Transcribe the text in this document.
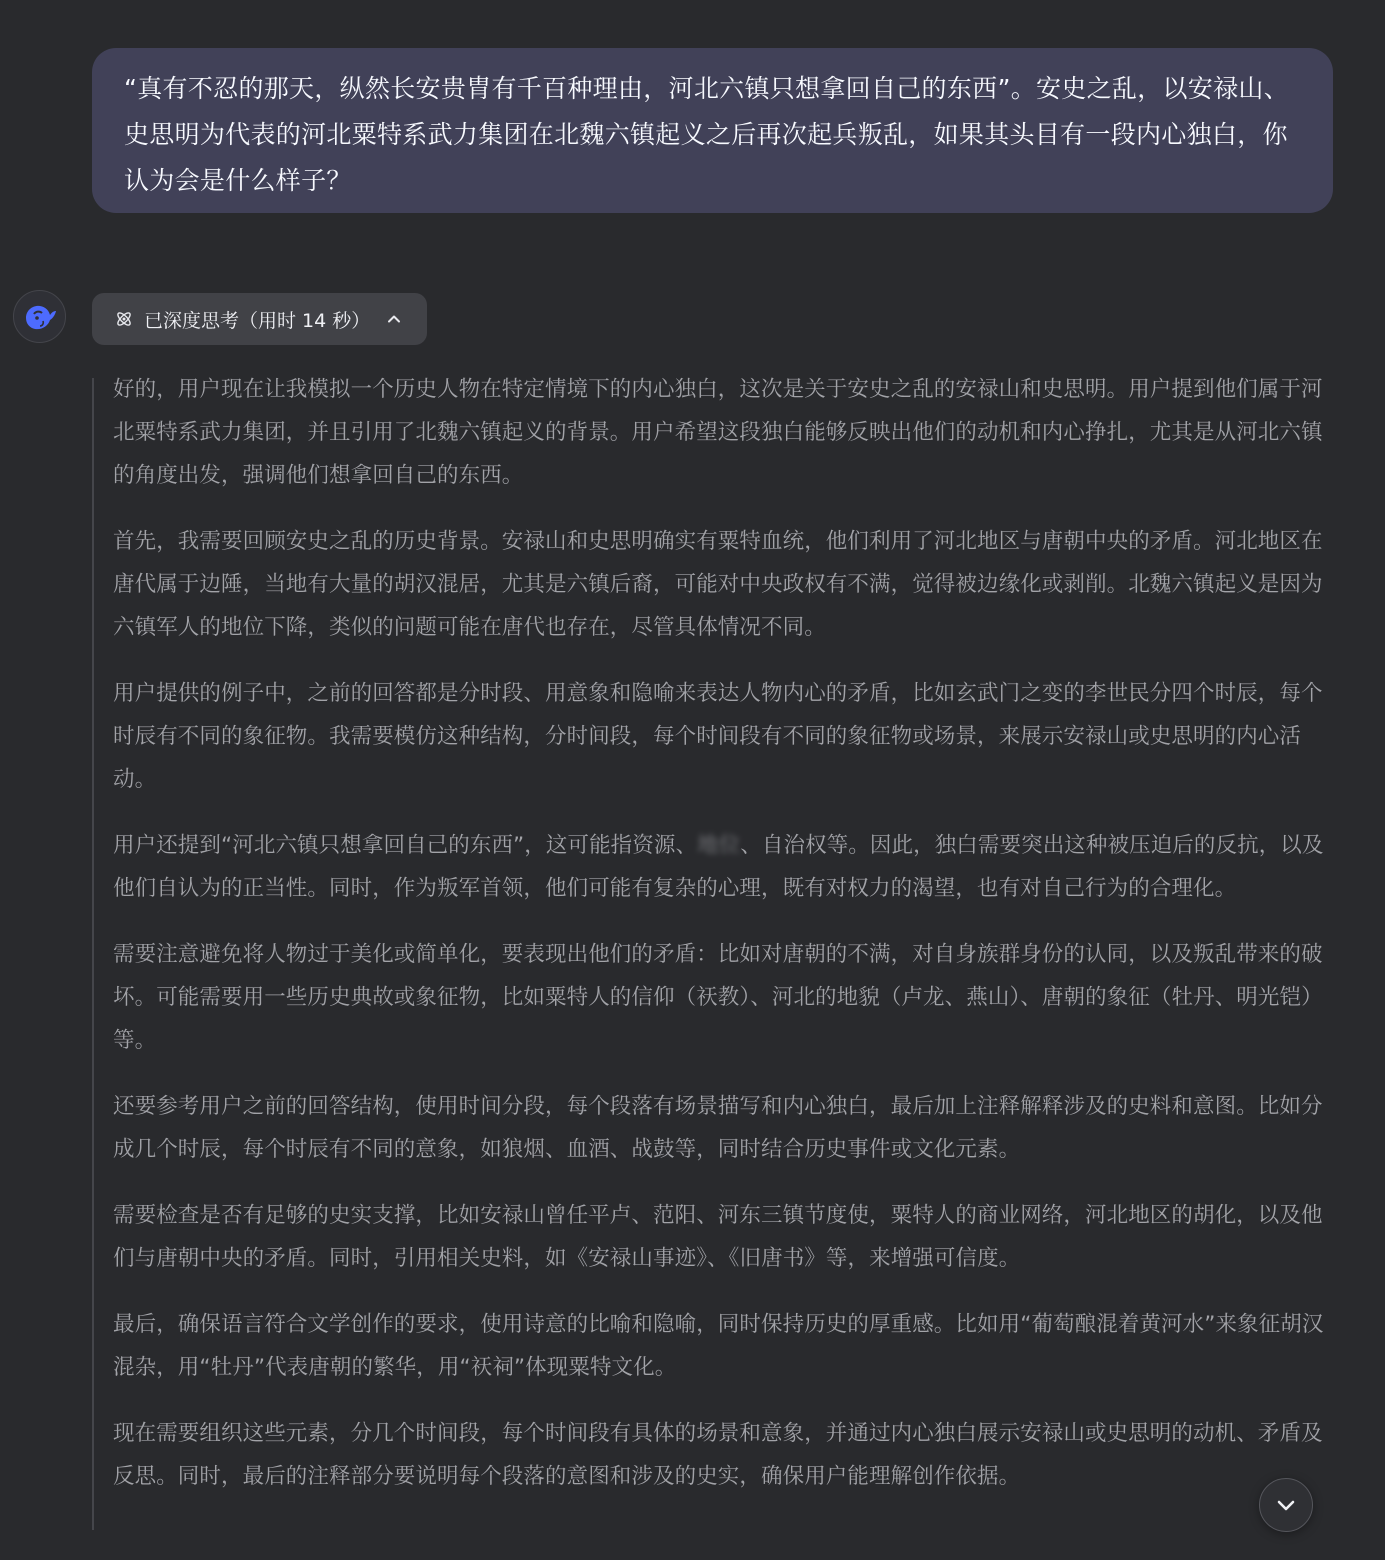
“真有不忍的那天，纵然长安贵胄有千百种理由，河北六镇只想拿回自己的东西”。安史之乱，以安禄山、史思明为代表的河北粟特系武力集团在北魏六镇起义之后再次起兵叛乱，如果其头目有一段内心独白，你认为会是什么样子？
已深度思考（用时 14 秒）

好的，用户现在让我模拟一个历史人物在特定情境下的内心独白，这次是关于安史之乱的安禄山和史思明。用户提到他们属于河北粟特系武力集团，并且引用了北魏六镇起义的背景。用户希望这段独白能够反映出他们的动机和内心挣扎，尤其是从河北六镇的角度出发，强调他们想拿回自己的东西。

首先，我需要回顾安史之乱的历史背景。安禄山和史思明确实有粟特血统，他们利用了河北地区与唐朝中央的矛盾。河北地区在唐代属于边陲，当地有大量的胡汉混居，尤其是六镇后裔，可能对中央政权有不满，觉得被边缘化或剥削。北魏六镇起义是因为六镇军人的地位下降，类似的问题可能在唐代也存在，尽管具体情况不同。

用户提供的例子中，之前的回答都是分时段、用意象和隐喻来表达人物内心的矛盾，比如玄武门之变的李世民分四个时辰，每个时辰有不同的象征物。我需要模仿这种结构，分时间段，每个时间段有不同的象征物或场景，来展示安禄山或史思明的内心活动。

用户还提到“河北六镇只想拿回自己的东西”，这可能指资源、地位、自治权等。因此，独白需要突出这种被压迫后的反抗，以及他们自认为的正当性。同时，作为叛军首领，他们可能有复杂的心理，既有对权力的渴望，也有对自己行为的合理化。

需要注意避免将人物过于美化或简单化，要表现出他们的矛盾：比如对唐朝的不满，对自身族群身份的认同，以及叛乱带来的破坏。可能需要用一些历史典故或象征物，比如粟特人的信仰（祆教）、河北的地貌（卢龙、燕山）、唐朝的象征（牡丹、明光铠）等。

还要参考用户之前的回答结构，使用时间分段，每个段落有场景描写和内心独白，最后加上注释解释涉及的史料和意图。比如分成几个时辰，每个时辰有不同的意象，如狼烟、血酒、战鼓等，同时结合历史事件或文化元素。

需要检查是否有足够的史实支撑，比如安禄山曾任平卢、范阳、河东三镇节度使，粟特人的商业网络，河北地区的胡化，以及他们与唐朝中央的矛盾。同时，引用相关史料，如《安禄山事迹》、《旧唐书》等，来增强可信度。

最后，确保语言符合文学创作的要求，使用诗意的比喻和隐喻，同时保持历史的厚重感。比如用“葡萄酿混着黄河水”来象征胡汉混杂，用“牡丹”代表唐朝的繁华，用“祆祠”体现粟特文化。

现在需要组织这些元素，分几个时间段，每个时间段有具体的场景和意象，并通过内心独白展示安禄山或史思明的动机、矛盾及反思。同时，最后的注释部分要说明每个段落的意图和涉及的史实，确保用户能理解创作依据。
